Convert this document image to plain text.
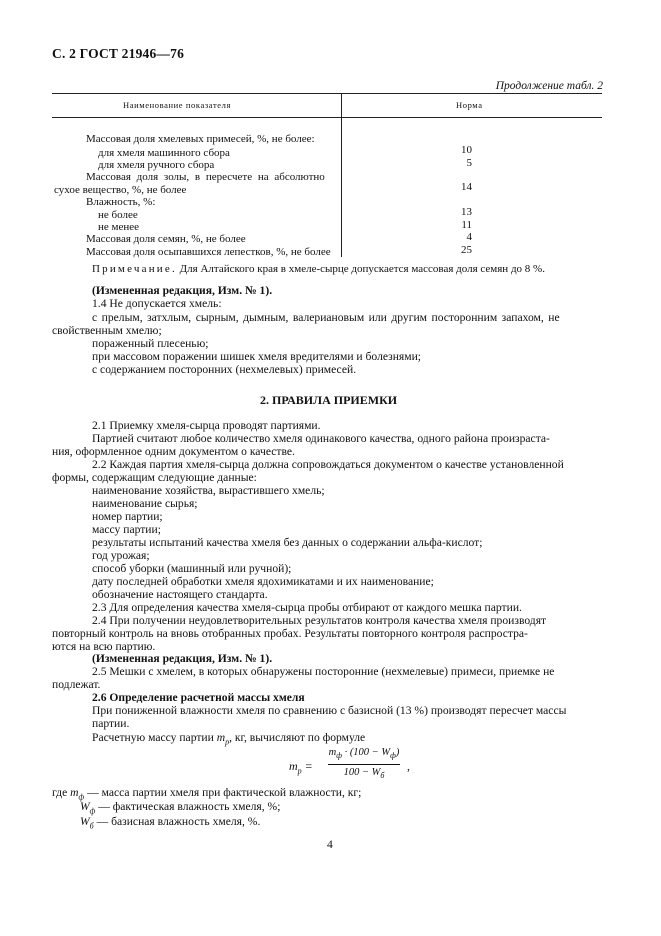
С. 2 ГОСТ 21946—76
Продолжение табл. 2
Наименование показателя	Норма
Массовая доля хмелевых примесей, %, не более:
для хмеля машинного сбора	10
для хмеля ручного сбора	5
Массовая доля золы, в пересчете на абсолютно
сухое вещество, %, не более	14
Влажность, %:
не более	13
не менее	11
Массовая доля семян, %, не более	4
Массовая доля осыпавшихся лепестков, %, не более	25
Примечание. Для Алтайского края в хмеле-сырце допускается массовая доля семян до 8 %.
(Измененная редакция, Изм. № 1).
1.4 Не допускается хмель:
с прелым, затхлым, сырным, дымным, валериановым или другим посторонним запахом, не
свойственным хмелю;
пораженный плесенью;
при массовом поражении шишек хмеля вредителями и болезнями;
с содержанием посторонних (нехмелевых) примесей.
2. ПРАВИЛА ПРИЕМКИ
2.1 Приемку хмеля-сырца проводят партиями.
Партией считают любое количество хмеля одинакового качества, одного района произраста-
ния, оформленное одним документом о качестве.
2.2 Каждая партия хмеля-сырца должна сопровождаться документом о качестве установленной
формы, содержащим следующие данные:
наименование хозяйства, вырастившего хмель;
наименование сырья;
номер партии;
массу партии;
результаты испытаний качества хмеля без данных о содержании альфа-кислот;
год урожая;
способ уборки (машинный или ручной);
дату последней обработки хмеля ядохимикатами и их наименование;
обозначение настоящего стандарта.
2.3 Для определения качества хмеля-сырца пробы отбирают от каждого мешка партии.
2.4 При получении неудовлетворительных результатов контроля качества хмеля производят
повторный контроль на вновь отобранных пробах. Результаты повторного контроля распростра-
ются на всю партию.
(Измененная редакция, Изм. № 1).
2.5 Мешки с хмелем, в которых обнаружены посторонние (нехмелевые) примеси, приемке не
подлежат.
2.6 Определение расчетной массы хмеля
При пониженной влажности хмеля по сравнению с базисной (13 %) производят пересчет массы
партии.
Расчетную массу партии $m_р$, кг, вычисляют по формуле
$m_р$ =
$m_ф \cdot (100 - W_ф)$
$100 - W_б$
,
где $m_ф$ — масса партии хмеля при фактической влажности, кг;
$W_ф$ — фактическая влажность хмеля, %;
$W_б$ — базисная влажность хмеля, %.
4
